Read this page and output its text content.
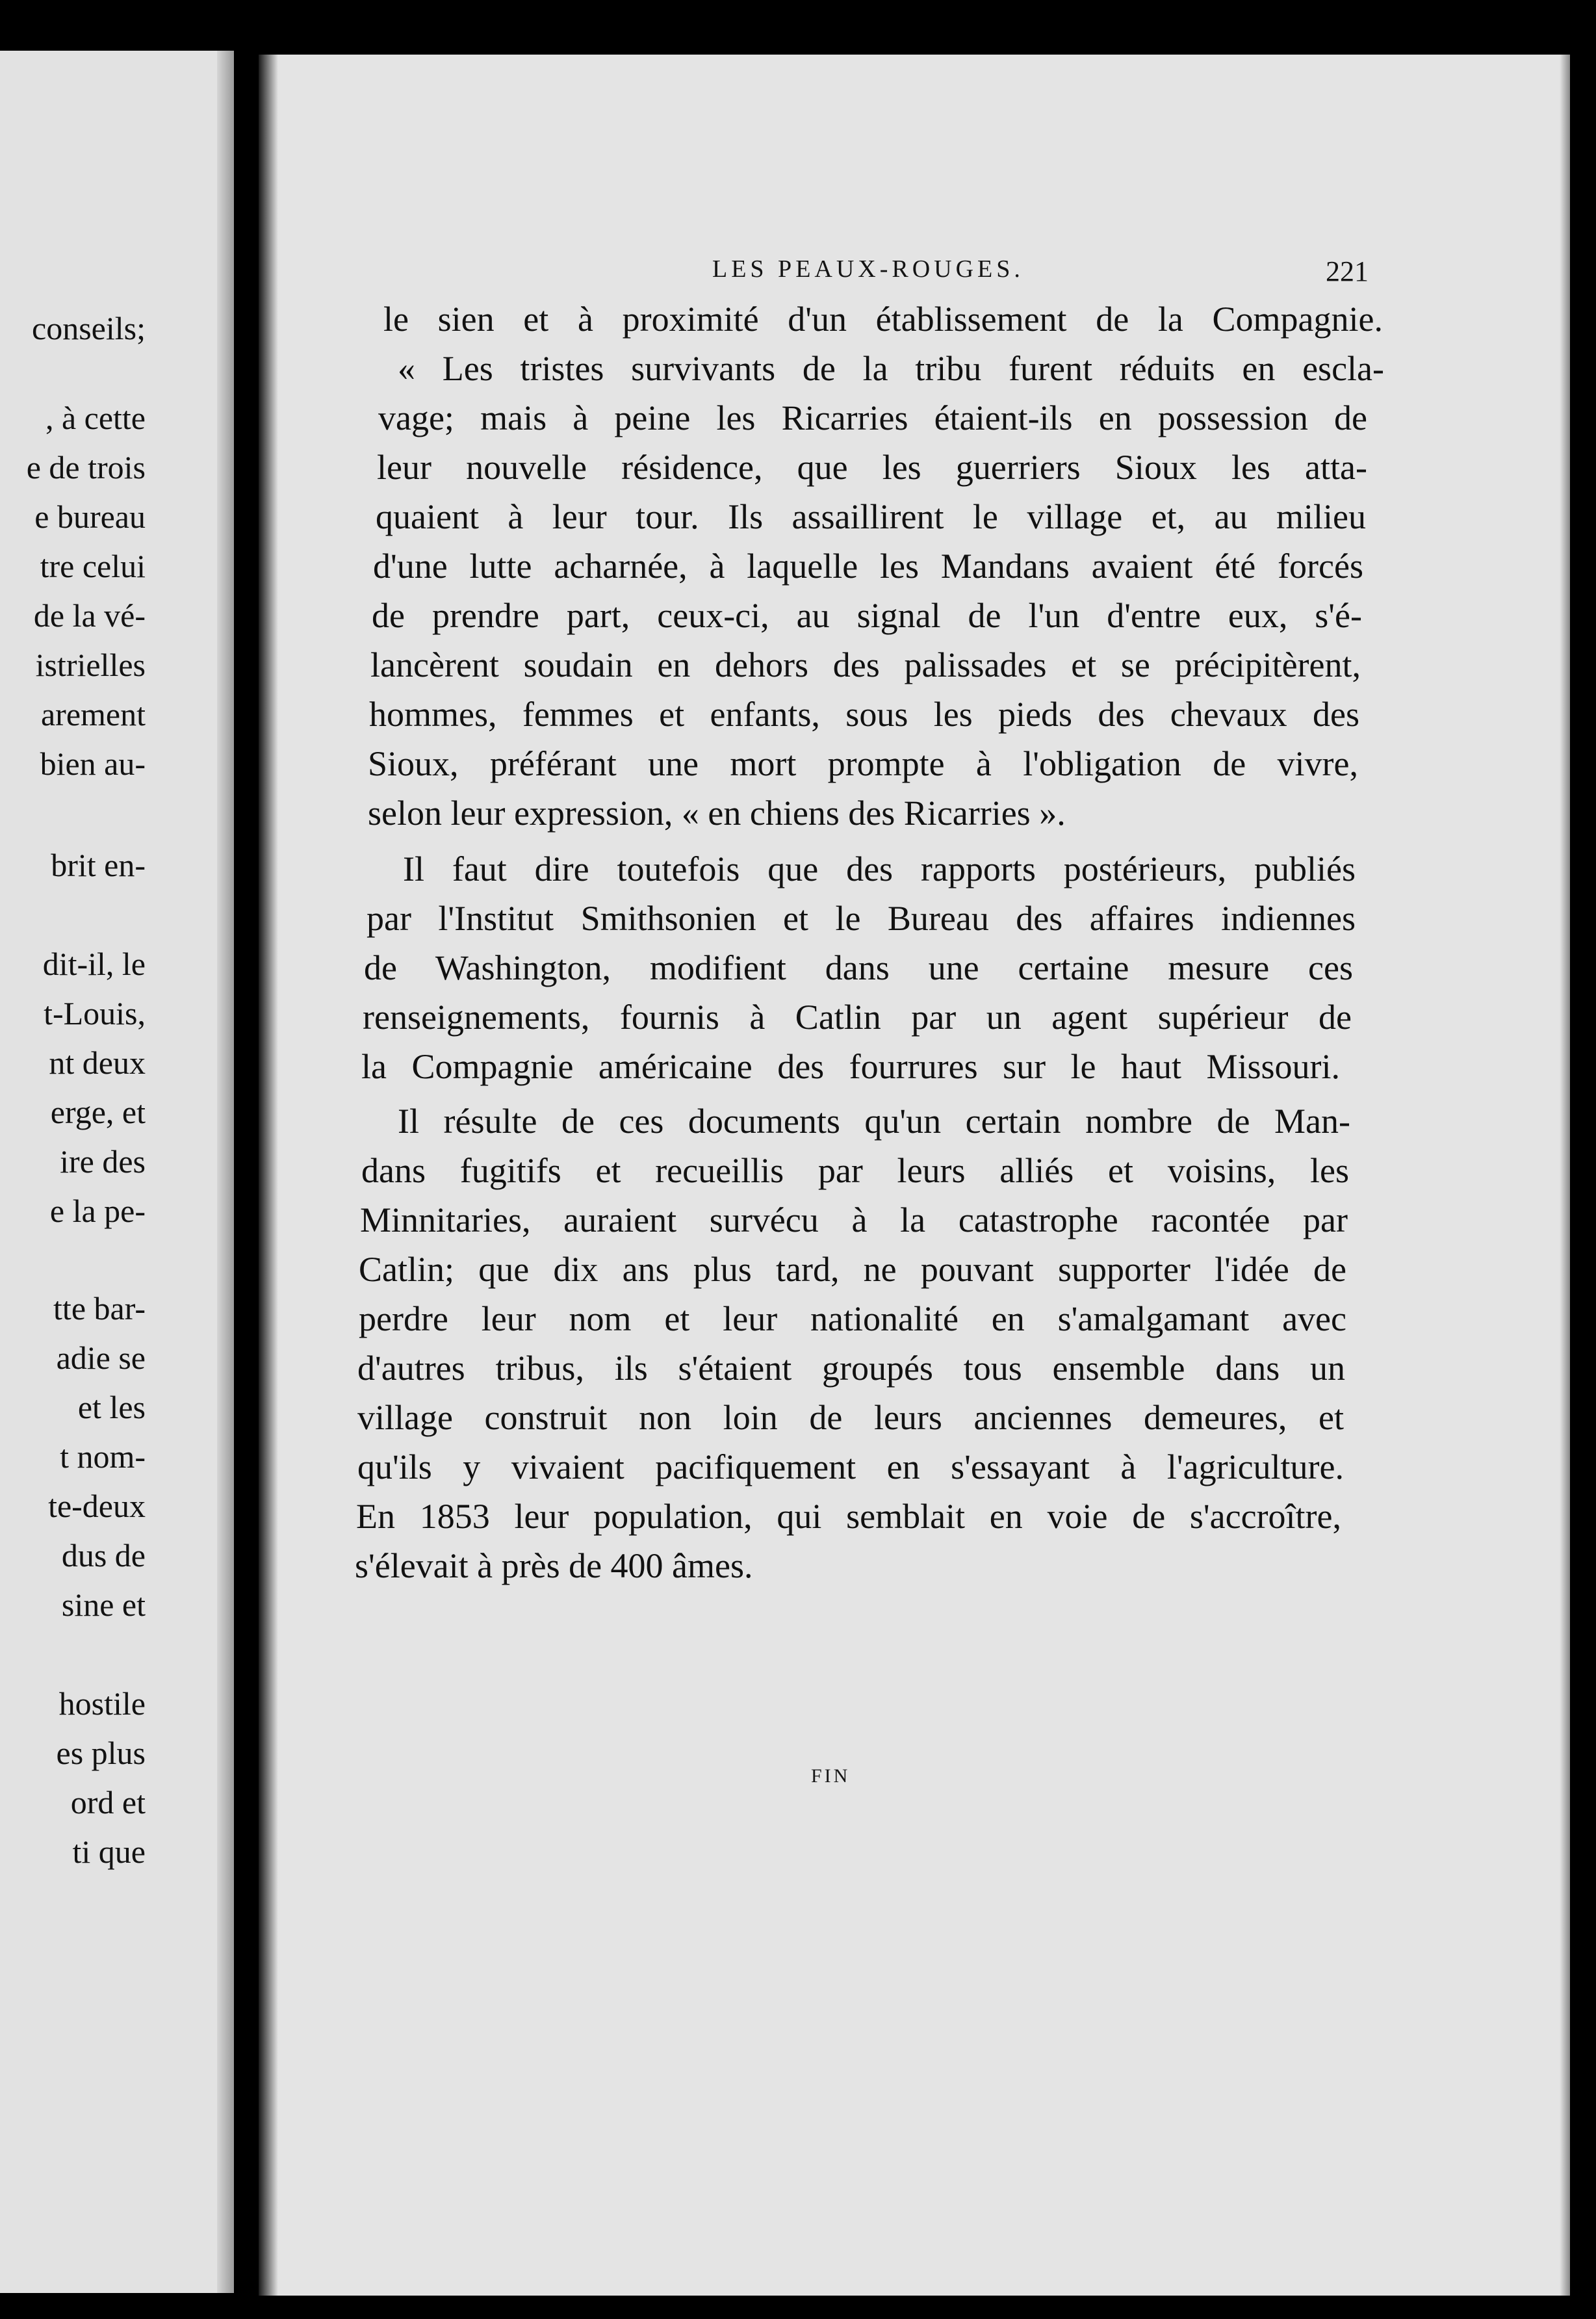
conseils;
, à cette
e de trois
e bureau
tre celui
de la vé-
istrielles
arement
bien au-
brit en-
dit-il, le
t-Louis,
nt deux
erge, et
ire des
e la pe-
tte bar-
adie se
et les
t nom-
te-deux
dus de
sine et
hostile
es plus
ord et
ti que
LES PEAUX-ROUGES.	221
le sien et à proximité d'un établissement de la Compagnie.
« Les tristes survivants de la tribu furent réduits en escla-
vage; mais à peine les Ricarries étaient-ils en possession de
leur nouvelle résidence, que les guerriers Sioux les atta-
quaient à leur tour. Ils assaillirent le village et, au milieu
d'une lutte acharnée, à laquelle les Mandans avaient été forcés
de prendre part, ceux-ci, au signal de l'un d'entre eux, s'é-
lancèrent soudain en dehors des palissades et se précipitèrent,
hommes, femmes et enfants, sous les pieds des chevaux des
Sioux, préférant une mort prompte à l'obligation de vivre,
selon leur expression, « en chiens des Ricarries ».
Il faut dire toutefois que des rapports postérieurs, publiés
par l'Institut Smithsonien et le Bureau des affaires indiennes
de Washington, modifient dans une certaine mesure ces
renseignements, fournis à Catlin par un agent supérieur de
la Compagnie américaine des fourrures sur le haut Missouri.
Il résulte de ces documents qu'un certain nombre de Man-
dans fugitifs et recueillis par leurs alliés et voisins, les
Minnitaries, auraient survécu à la catastrophe racontée par
Catlin; que dix ans plus tard, ne pouvant supporter l'idée de
perdre leur nom et leur nationalité en s'amalgamant avec
d'autres tribus, ils s'étaient groupés tous ensemble dans un
village construit non loin de leurs anciennes demeures, et
qu'ils y vivaient pacifiquement en s'essayant à l'agriculture.
En 1853 leur population, qui semblait en voie de s'accroître,
s'élevait à près de 400 âmes.
FIN
